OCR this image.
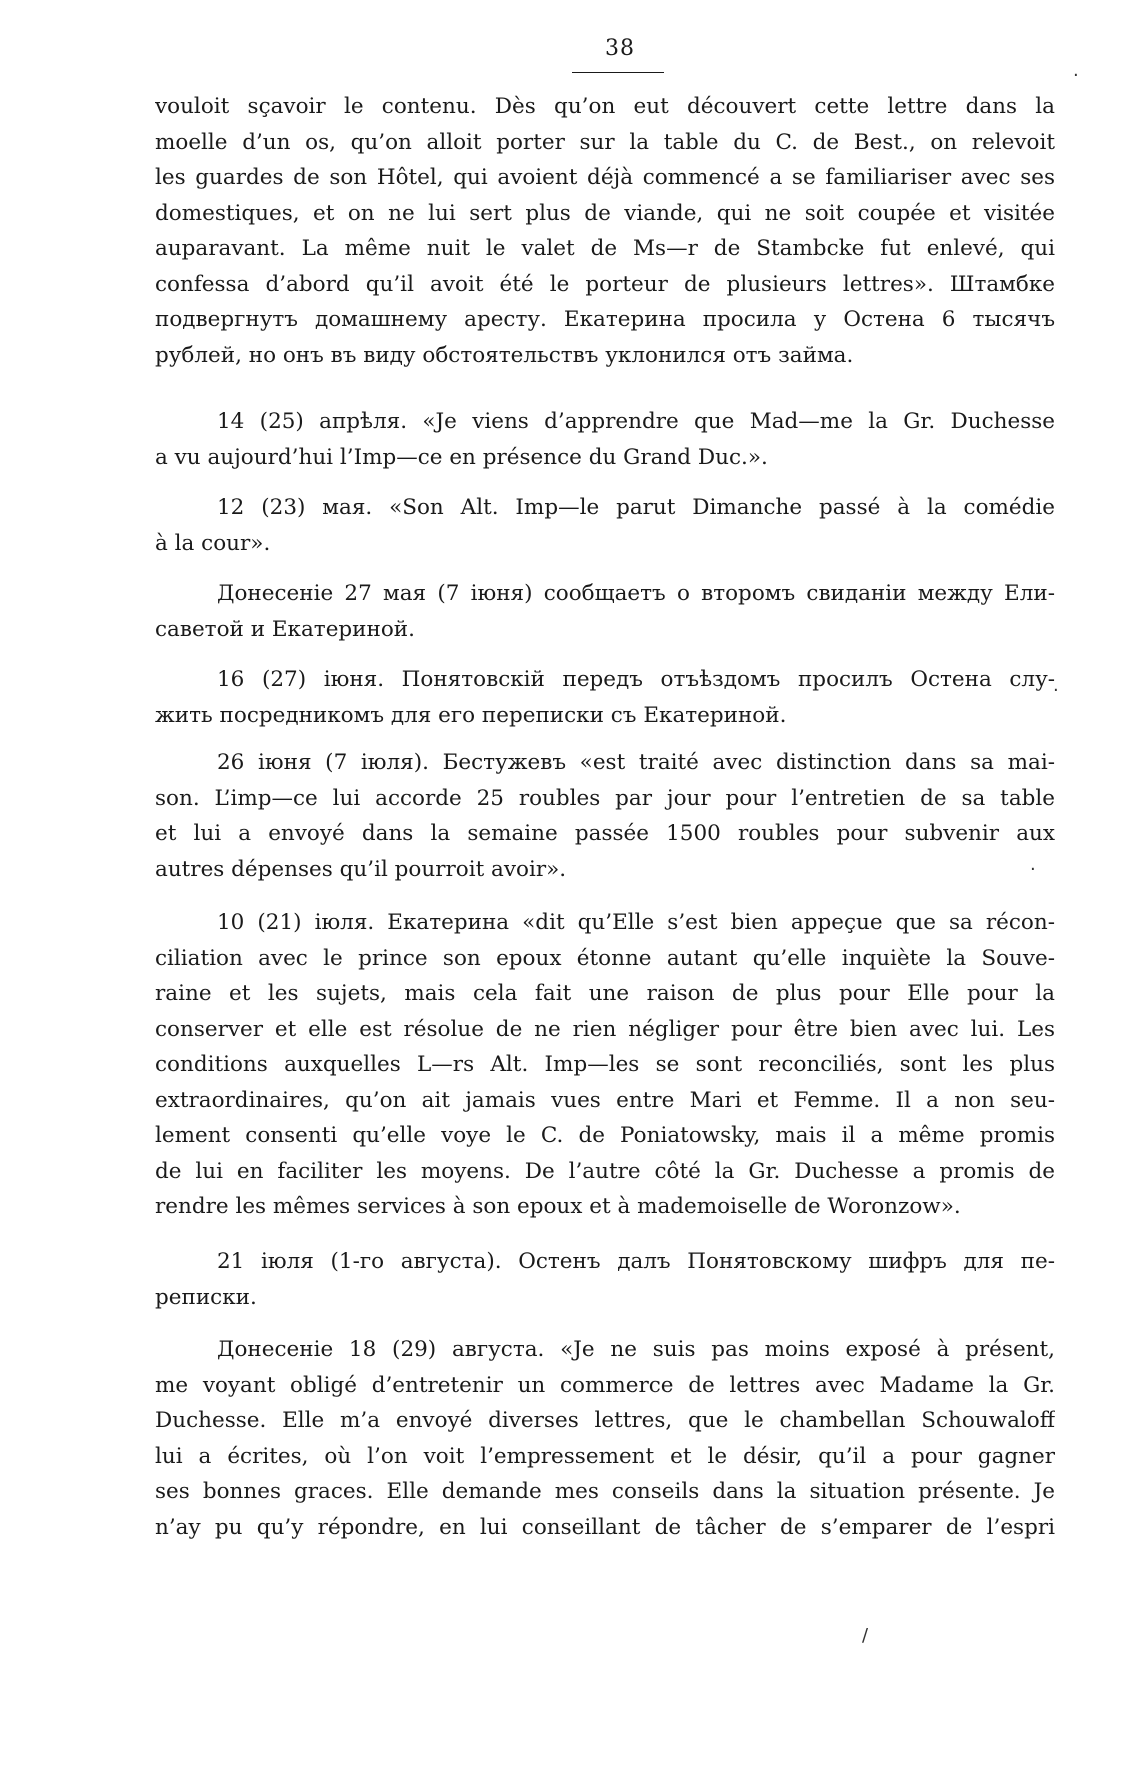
38
vouloit sçavoir le contenu. Dès qu’on eut découvert cette lettre dans la
moelle d’un os, qu’on alloit porter sur la table du C. de Best., on relevoit
les guardes de son Hôtel, qui avoient déjà commencé a se familiariser avec ses
domestiques, et on ne lui sert plus de viande, qui ne soit coupée et visitée
auparavant. La même nuit le valet de Ms—r de Stambcke fut enlevé, qui
confessa d’abord qu’il avoit été le porteur de plusieurs lettres». Штамбке
подвергнутъ домашнему аресту. Екатерина просила у Остена 6 тысячъ
рублей, но онъ въ виду обстоятельствъ уклонился отъ займа.
14 (25) апрѣля. «Je viens d’apprendre que Mad—me la Gr. Duchesse
a vu aujourd’hui l’Imp—ce en présence du Grand Duc.».
12 (23) мая. «Son Alt. Imp—le parut Dimanche passé à la comédie
à la cour».
Донесеніе 27 мая (7 іюня) сообщаетъ о второмъ свиданіи между Ели-
саветой и Екатериной.
16 (27) іюня. Понятовскій передъ отъѣздомъ просилъ Остена слу-
жить посредникомъ для его переписки съ Екатериной.
26 іюня (7 іюля). Бестужевъ «est traité avec distinction dans sa mai-
son. L’imp—ce lui accorde 25 roubles par jour pour l’entretien de sa table
et lui a envoyé dans la semaine passée 1500 roubles pour subvenir aux
autres dépenses qu’il pourroit avoir».
10 (21) іюля. Екатерина «dit qu’Elle s’est bien appeçue que sa récon-
ciliation avec le prince son epoux étonne autant qu’elle inquiète la Souve-
raine et les sujets, mais cela fait une raison de plus pour Elle pour la
conserver et elle est résolue de ne rien négliger pour être bien avec lui. Les
conditions auxquelles L—rs Alt. Imp—les se sont reconciliés, sont les plus
extraordinaires, qu’on ait jamais vues entre Mari et Femme. Il a non seu-
lement consenti qu’elle voye le C. de Poniatowsky, mais il a même promis
de lui en faciliter les moyens. De l’autre côté la Gr. Duchesse a promis de
rendre les mêmes services à son epoux et à mademoiselle de Woronzow».
21 іюля (1-го августа). Остенъ далъ Понятовскому шифръ для пе-
реписки.
Донесеніе 18 (29) августа. «Je ne suis pas moins exposé à présent,
me voyant obligé d’entretenir un commerce de lettres avec Madame la Gr.
Duchesse. Elle m’a envoyé diverses lettres, que le chambellan Schouwaloff
lui a écrites, où l’on voit l’empressement et le désir, qu’il a pour gagner
ses bonnes graces. Elle demande mes conseils dans la situation présente. Je
n’ay pu qu’y répondre, en lui conseillant de tâcher de s’emparer de l’espri
.
.
.
/
